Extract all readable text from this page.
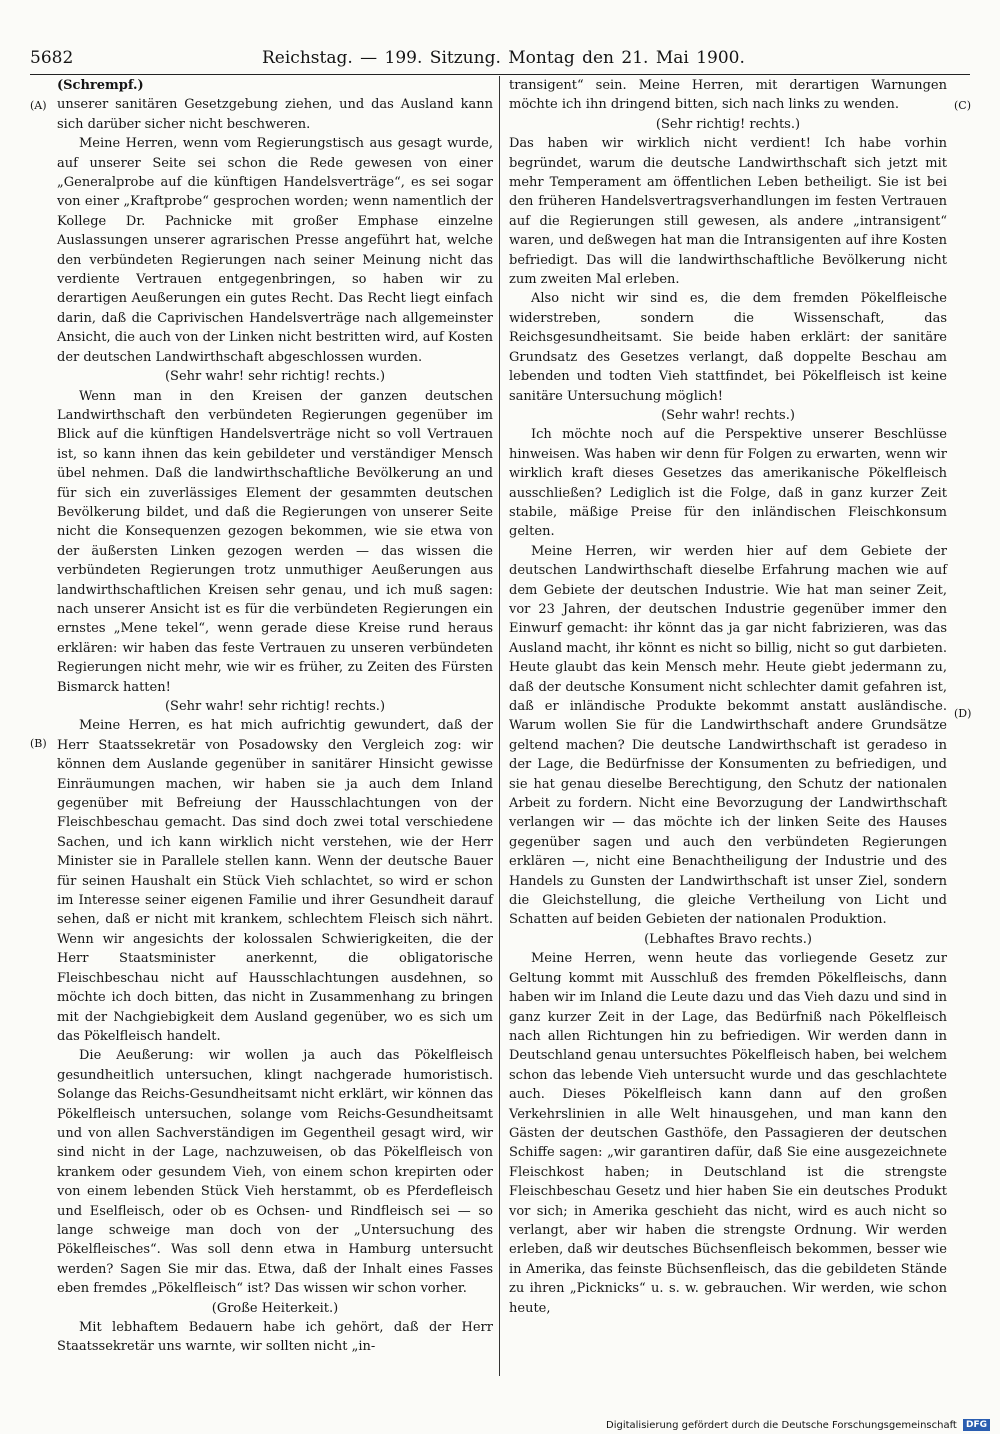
5682	Reichstag. — 199. Sitzung. Montag den 21. Mai 1900.
(A)
(B)
(C)
(D)

(Schrempf.)

unserer sanitären Gesetzgebung ziehen, und das Ausland kann sich darüber sicher nicht beschweren.

Meine Herren, wenn vom Regierungstisch aus gesagt wurde, auf unserer Seite sei schon die Rede gewesen von einer „Generalprobe auf die künftigen Handelsverträge“, es sei sogar von einer „Kraftprobe“ gesprochen worden; wenn namentlich der Kollege Dr. Pachnicke mit großer Emphase einzelne Auslassungen unserer agrarischen Presse angeführt hat, welche den verbündeten Regierungen nach seiner Meinung nicht das verdiente Vertrauen entgegenbringen, so haben wir zu derartigen Aeußerungen ein gutes Recht. Das Recht liegt einfach darin, daß die Caprivischen Handelsverträge nach allgemeinster Ansicht, die auch von der Linken nicht bestritten wird, auf Kosten der deutschen Landwirthschaft abgeschlossen wurden.

(Sehr wahr! sehr richtig! rechts.)

Wenn man in den Kreisen der ganzen deutschen Landwirthschaft den verbündeten Regierungen gegenüber im Blick auf die künftigen Handelsverträge nicht so voll Vertrauen ist, so kann ihnen das kein gebildeter und verständiger Mensch übel nehmen. Daß die landwirthschaftliche Bevölkerung an und für sich ein zuverlässiges Element der gesammten deutschen Bevölkerung bildet, und daß die Regierungen von unserer Seite nicht die Konsequenzen gezogen bekommen, wie sie etwa von der äußersten Linken gezogen werden — das wissen die verbündeten Regierungen trotz unmuthiger Aeußerungen aus landwirthschaftlichen Kreisen sehr genau, und ich muß sagen: nach unserer Ansicht ist es für die verbündeten Regierungen ein ernstes „Mene tekel“, wenn gerade diese Kreise rund heraus erklären: wir haben das feste Vertrauen zu unseren verbündeten Regierungen nicht mehr, wie wir es früher, zu Zeiten des Fürsten Bismarck hatten!

(Sehr wahr! sehr richtig! rechts.)

Meine Herren, es hat mich aufrichtig gewundert, daß der Herr Staatssekretär von Posadowsky den Vergleich zog: wir können dem Auslande gegenüber in sanitärer Hinsicht gewisse Einräumungen machen, wir haben sie ja auch dem Inland gegenüber mit Befreiung der Hausschlachtungen von der Fleischbeschau gemacht. Das sind doch zwei total verschiedene Sachen, und ich kann wirklich nicht verstehen, wie der Herr Minister sie in Parallele stellen kann. Wenn der deutsche Bauer für seinen Haushalt ein Stück Vieh schlachtet, so wird er schon im Interesse seiner eigenen Familie und ihrer Gesundheit darauf sehen, daß er nicht mit krankem, schlechtem Fleisch sich nährt. Wenn wir angesichts der kolossalen Schwierigkeiten, die der Herr Staatsminister anerkennt, die obligatorische Fleischbeschau nicht auf Hausschlachtungen ausdehnen, so möchte ich doch bitten, das nicht in Zusammenhang zu bringen mit der Nachgiebigkeit dem Ausland gegenüber, wo es sich um das Pökelfleisch handelt.

Die Aeußerung: wir wollen ja auch das Pökelfleisch gesundheitlich untersuchen, klingt nachgerade humoristisch. Solange das Reichs-Gesundheitsamt nicht erklärt, wir können das Pökelfleisch untersuchen, solange vom Reichs-Gesundheitsamt und von allen Sachverständigen im Gegentheil gesagt wird, wir sind nicht in der Lage, nachzuweisen, ob das Pökelfleisch von krankem oder gesundem Vieh, von einem schon krepirten oder von einem lebenden Stück Vieh herstammt, ob es Pferdefleisch und Eselfleisch, oder ob es Ochsen- und Rindfleisch sei — so lange schweige man doch von der „Untersuchung des Pökelfleisches“. Was soll denn etwa in Hamburg untersucht werden? Sagen Sie mir das. Etwa, daß der Inhalt eines Fasses eben fremdes „Pökelfleisch“ ist? Das wissen wir schon vorher.

(Große Heiterkeit.)

Mit lebhaftem Bedauern habe ich gehört, daß der Herr Staatssekretär uns warnte, wir sollten nicht „in-

transigent“ sein. Meine Herren, mit derartigen Warnungen möchte ich ihn dringend bitten, sich nach links zu wenden.

(Sehr richtig! rechts.)

Das haben wir wirklich nicht verdient! Ich habe vorhin begründet, warum die deutsche Landwirthschaft sich jetzt mit mehr Temperament am öffentlichen Leben betheiligt. Sie ist bei den früheren Handelsvertragsverhandlungen im festen Vertrauen auf die Regierungen still gewesen, als andere „intransigent“ waren, und deßwegen hat man die Intransigenten auf ihre Kosten befriedigt. Das will die landwirthschaftliche Bevölkerung nicht zum zweiten Mal erleben.

Also nicht wir sind es, die dem fremden Pökelfleische widerstreben, sondern die Wissenschaft, das Reichsgesundheitsamt. Sie beide haben erklärt: der sanitäre Grundsatz des Gesetzes verlangt, daß doppelte Beschau am lebenden und todten Vieh stattfindet, bei Pökelfleisch ist keine sanitäre Untersuchung möglich!

(Sehr wahr! rechts.)

Ich möchte noch auf die Perspektive unserer Beschlüsse hinweisen. Was haben wir denn für Folgen zu erwarten, wenn wir wirklich kraft dieses Gesetzes das amerikanische Pökelfleisch ausschließen? Lediglich ist die Folge, daß in ganz kurzer Zeit stabile, mäßige Preise für den inländischen Fleischkonsum gelten.

Meine Herren, wir werden hier auf dem Gebiete der deutschen Landwirthschaft dieselbe Erfahrung machen wie auf dem Gebiete der deutschen Industrie. Wie hat man seiner Zeit, vor 23 Jahren, der deutschen Industrie gegenüber immer den Einwurf gemacht: ihr könnt das ja gar nicht fabrizieren, was das Ausland macht, ihr könnt es nicht so billig, nicht so gut darbieten. Heute glaubt das kein Mensch mehr. Heute giebt jedermann zu, daß der deutsche Konsument nicht schlechter damit gefahren ist, daß er inländische Produkte bekommt anstatt ausländische. Warum wollen Sie für die Landwirthschaft andere Grundsätze geltend machen? Die deutsche Landwirthschaft ist geradeso in der Lage, die Bedürfnisse der Konsumenten zu befriedigen, und sie hat genau dieselbe Berechtigung, den Schutz der nationalen Arbeit zu fordern. Nicht eine Bevorzugung der Landwirthschaft verlangen wir — das möchte ich der linken Seite des Hauses gegenüber sagen und auch den verbündeten Regierungen erklären —, nicht eine Benachtheiligung der Industrie und des Handels zu Gunsten der Landwirthschaft ist unser Ziel, sondern die Gleichstellung, die gleiche Vertheilung von Licht und Schatten auf beiden Gebieten der nationalen Produktion.

(Lebhaftes Bravo rechts.)

Meine Herren, wenn heute das vorliegende Gesetz zur Geltung kommt mit Ausschluß des fremden Pökelfleischs, dann haben wir im Inland die Leute dazu und das Vieh dazu und sind in ganz kurzer Zeit in der Lage, das Bedürfniß nach Pökelfleisch nach allen Richtungen hin zu befriedigen. Wir werden dann in Deutschland genau untersuchtes Pökelfleisch haben, bei welchem schon das lebende Vieh untersucht wurde und das geschlachtete auch. Dieses Pökelfleisch kann dann auf den großen Verkehrslinien in alle Welt hinausgehen, und man kann den Gästen der deutschen Gasthöfe, den Passagieren der deutschen Schiffe sagen: „wir garantiren dafür, daß Sie eine ausgezeichnete Fleischkost haben; in Deutschland ist die strengste Fleischbeschau Gesetz und hier haben Sie ein deutsches Produkt vor sich; in Amerika geschieht das nicht, wird es auch nicht so verlangt, aber wir haben die strengste Ordnung. Wir werden erleben, daß wir deutsches Büchsenfleisch bekommen, besser wie in Amerika, das feinste Büchsenfleisch, das die gebildeten Stände zu ihren „Picknicks“ u. s. w. gebrauchen. Wir werden, wie schon heute,

Digitalisierung gefördert durch die Deutsche Forschungsgemeinschaft DFG
